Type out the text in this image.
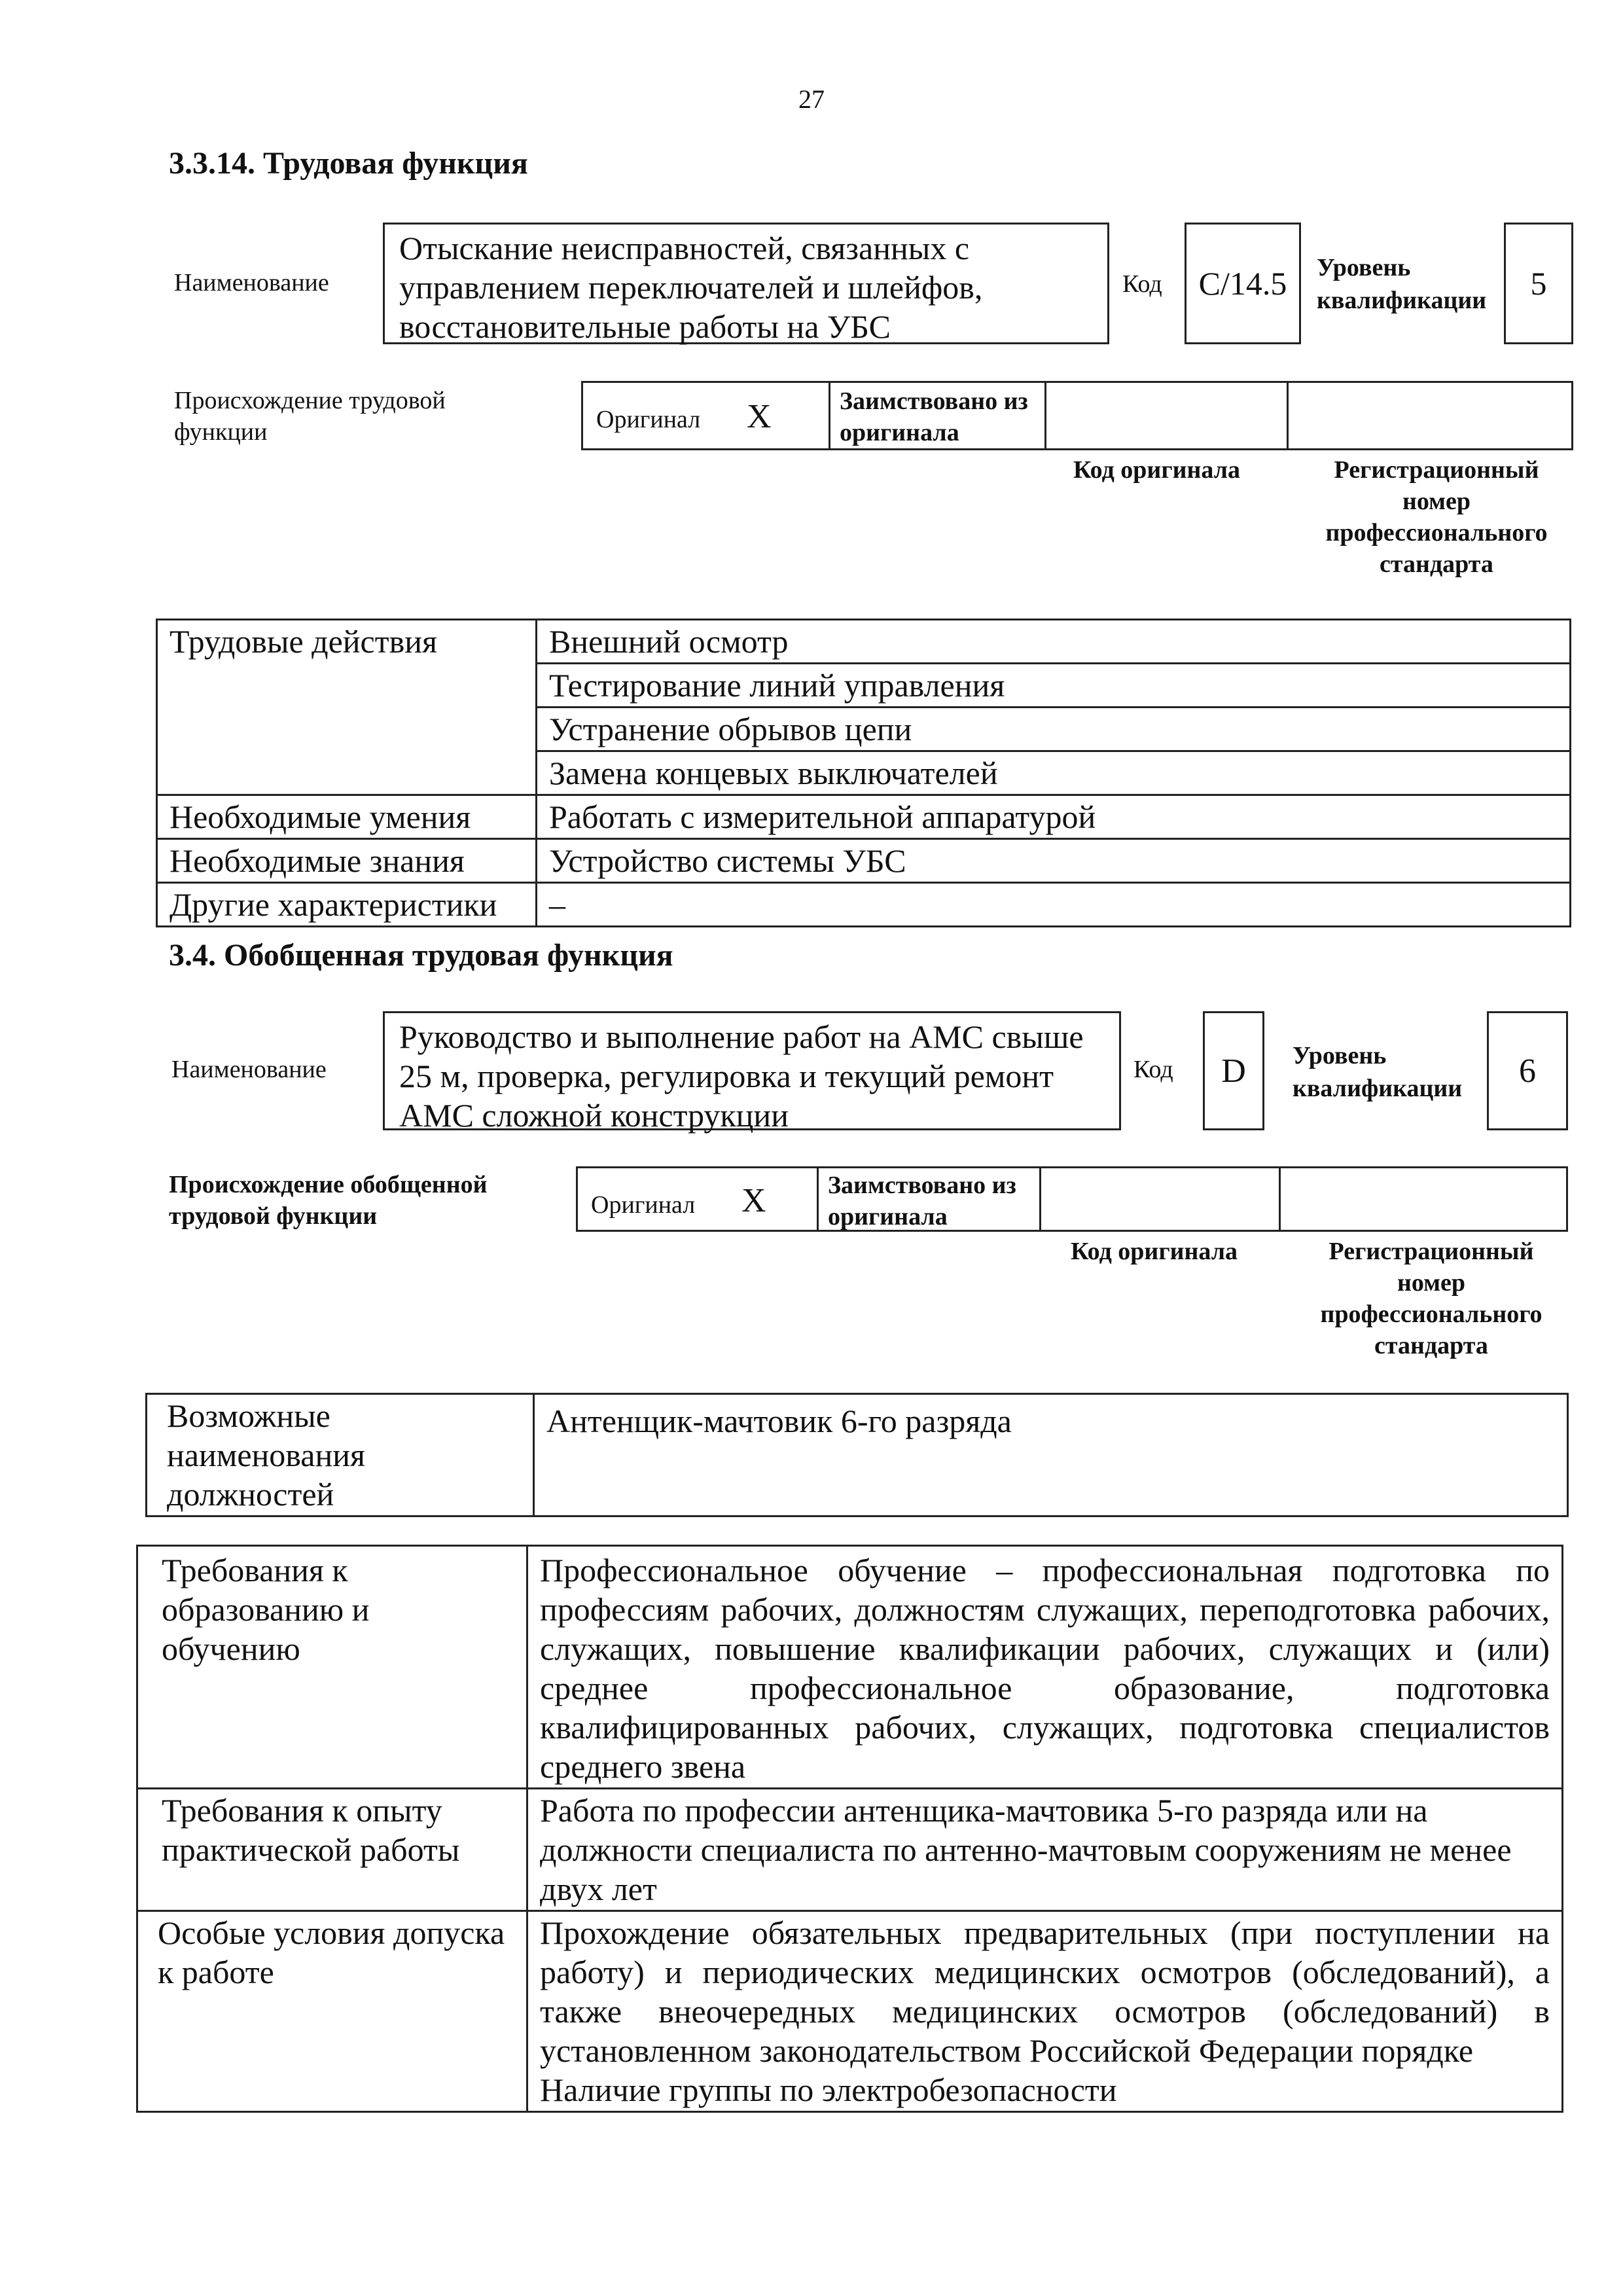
27
3.3.14. Трудовая функция
Наименование
Отыскание неисправностей, связанных с управлением переключателей и шлейфов, восстановительные работы на УБС
Код С/14.5 Уровень квалификации 5
Происхождение трудовой функции	Оригинал X	Заимствовано из оригинала
Код оригинала	Регистрационный номер профессионального стандарта
Трудовые действия	Внешний осмотр
	Тестирование линий управления
	Устранение обрывов цепи
	Замена концевых выключателей
Необходимые умения	Работать с измерительной аппаратурой
Необходимые знания	Устройство системы УБС
Другие характеристики	–
3.4. Обобщенная трудовая функция
Наименование
Руководство и выполнение работ на АМС свыше 25 м, проверка, регулировка и текущий ремонт АМС сложной конструкции
Код D Уровень квалификации 6
Происхождение обобщенной трудовой функции	Оригинал X Заимствовано из оригинала
Код оригинала	Регистрационный номер профессионального стандарта
Возможные наименования должностей	Антенщик-мачтовик 6-го разряда
Требования к образованию и обучению	Профессиональное обучение – профессиональная подготовка по профессиям рабочих, должностям служащих, переподготовка рабочих, служащих, повышение квалификации рабочих, служащих и (или) среднее профессиональное образование, подготовка квалифицированных рабочих, служащих, подготовка специалистов среднего звена
Требования к опыту практической работы	Работа по профессии антенщика-мачтовика 5-го разряда или на должности специалиста по антенно-мачтовым сооружениям не менее двух лет
Особые условия допуска к работе	Прохождение обязательных предварительных (при поступлении на работу) и периодических медицинских осмотров (обследований), а также внеочередных медицинских осмотров (обследований) в установленном законодательством Российской Федерации порядке
Наличие группы по электробезопасности
